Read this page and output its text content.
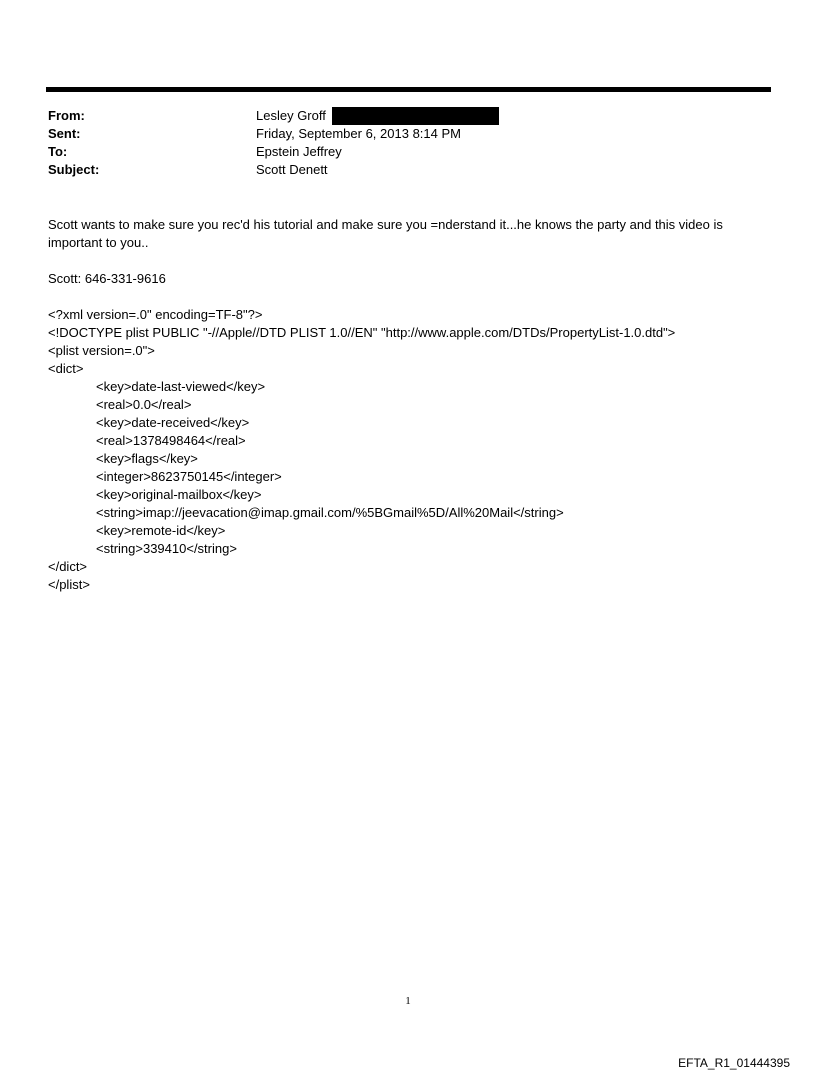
From:	Lesley Groff
Sent:	Friday, September 6, 2013 8:14 PM
To:	Epstein Jeffrey
Subject:	Scott Denett

Scott wants to make sure you rec'd his tutorial and make sure you =nderstand it...he knows the party and this video is important to you..

Scott: 646-331-9616

<?xml version=.0" encoding=TF-8"?>
<!DOCTYPE plist PUBLIC "-//Apple//DTD PLIST 1.0//EN" "http://www.apple.com/DTDs/PropertyList-1.0.dtd">
<plist version=.0">
<dict>
<key>date-last-viewed</key>
<real>0.0</real>
<key>date-received</key>
<real>1378498464</real>
<key>flags</key>
<integer>8623750145</integer>
<key>original-mailbox</key>
<string>imap://jeevacation@imap.gmail.com/%5BGmail%5D/All%20Mail</string>
<key>remote-id</key>
<string>339410</string>
</dict>
</plist>
1
EFTA_R1_01444395
